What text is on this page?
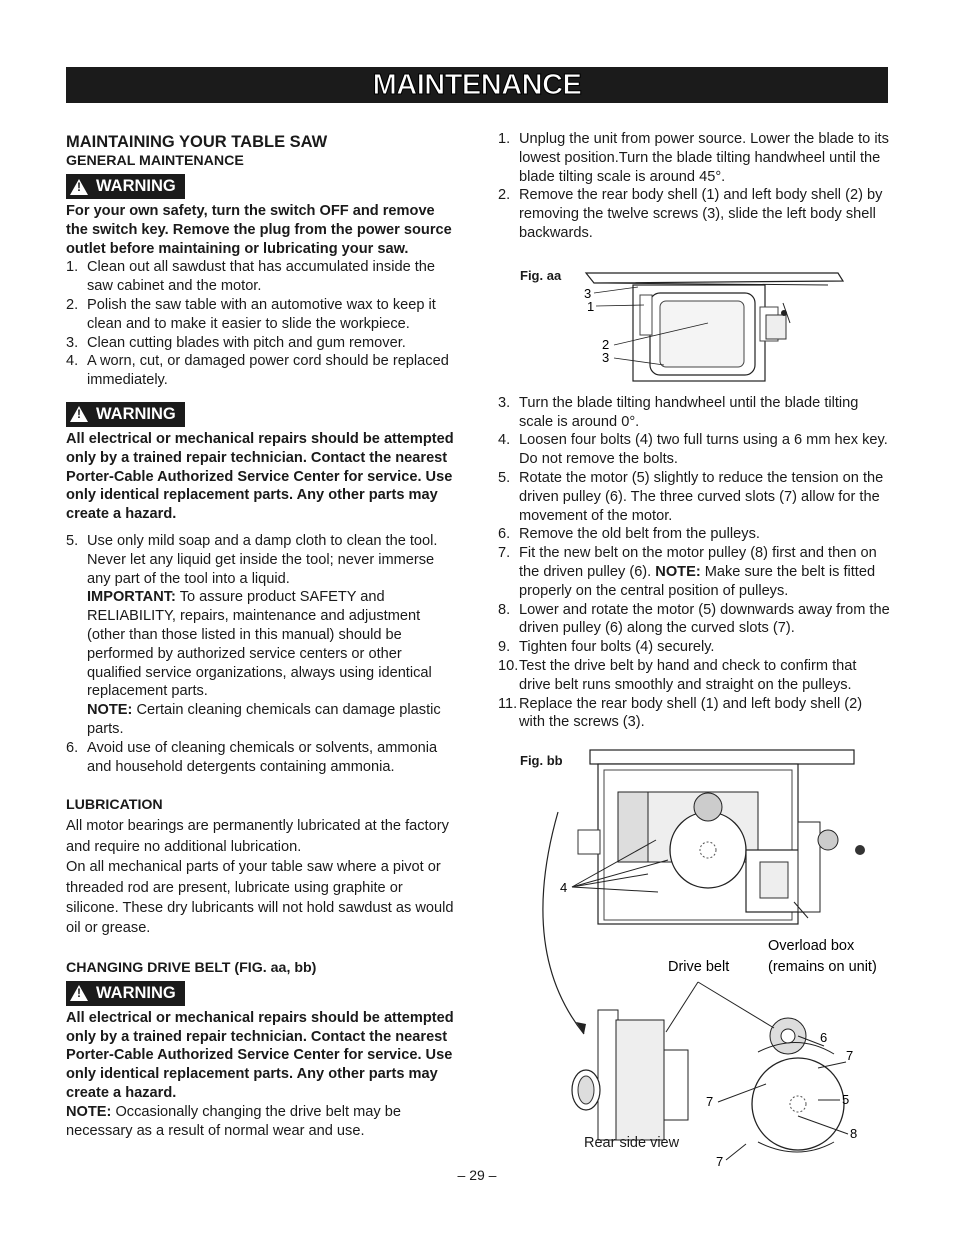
MAINTENANCE
MAINTAINING YOUR TABLE SAW
GENERAL MAINTENANCE
!
WARNING
For your own safety, turn the switch OFF and remove the switch key. Remove the plug from the power source outlet before maintaining or lubricating your saw.
1. Clean out all sawdust that has accumulated inside the saw cabinet and the motor.
2. Polish the saw table with an automotive wax to keep it clean and to make it easier to slide the workpiece.
3. Clean cutting blades with pitch and gum remover.
4. A worn, cut, or damaged power cord should be replaced immediately.
!
WARNING
All electrical or mechanical repairs should be attempted only by a trained repair technician. Contact the nearest Porter-Cable Authorized Service Center for service. Use only identical replacement parts. Any other parts may create a hazard.
5. Use only mild soap and a damp cloth to clean the tool. Never let any liquid get inside the tool; never immerse any part of the tool into a liquid.
IMPORTANT: To assure product SAFETY and RELIABILITY, repairs, maintenance and adjustment (other than those listed in this manual) should be performed by authorized service centers or other qualified service organizations, always using identical replacement parts.
NOTE: Certain cleaning chemicals can damage plastic parts.
6. Avoid use of cleaning chemicals or solvents, ammonia and household detergents containing ammonia.
LUBRICATION
All motor bearings are permanently lubricated at the factory and require no additional lubrication.
On all mechanical parts of your table saw where a pivot or threaded rod are present, lubricate using graphite or silicone. These dry lubricants will not hold sawdust as would oil or grease.
CHANGING DRIVE BELT (FIG. aa, bb)
!
WARNING
All electrical or mechanical repairs should be attempted only by a trained repair technician. Contact the nearest Porter-Cable Authorized Service Center for service. Use only identical replacement parts. Any other parts may create a hazard.
NOTE: Occasionally changing the drive belt may be necessary as a result of normal wear and use.
1. Unplug the unit from power source. Lower the blade to its lowest position.Turn the blade tilting handwheel until the blade tilting scale is around 45°.
2. Remove the rear body shell (1) and left body shell (2) by removing the twelve screws (3), slide the left body shell backwards.
Fig. aa
3
1
2
3
3. Turn the blade tilting handwheel until the blade tilting scale is around 0°.
4. Loosen four bolts (4) two full turns using a 6 mm hex key. Do not remove the bolts.
5. Rotate the motor (5) slightly to reduce the tension on the driven pulley (6). The three curved slots (7) allow for the movement of the motor.
6. Remove the old belt from the pulleys.
7. Fit the new belt on the motor pulley (8) first and then on the driven pulley (6). NOTE: Make sure the belt is fitted properly on the central position of pulleys.
8. Lower and rotate the motor (5) downwards away from the driven pulley (6) along the curved slots (7).
9. Tighten four bolts (4) securely.
10. Test the drive belt by hand and check to confirm that drive belt runs smoothly and straight on the pulleys.
11. Replace the rear body shell (1) and left body shell (2) with the screws (3).
Fig. bb
4
Overload box
(remains on unit)
Drive belt
6
7
7	5
8
7
Rear side view
– 29 –
